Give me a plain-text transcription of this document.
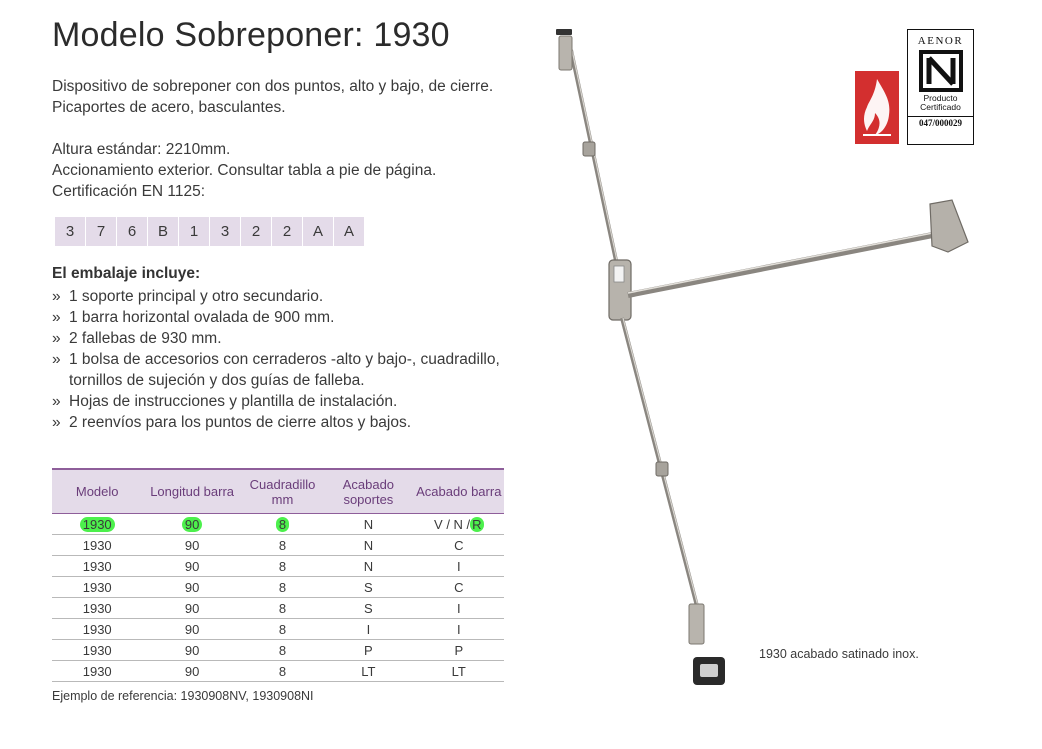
Modelo Sobreponer: 1930
Dispositivo de sobreponer con dos puntos, alto y bajo, de cierre.
Picaportes de acero, basculantes.
Altura estándar: 2210mm.
Accionamiento exterior. Consultar tabla a pie de página.
Certificación EN 1125:
3	7	6	B	1	3	2	2	A	A
El embalaje incluye:
» 1 soporte principal y otro secundario.
» 1 barra horizontal ovalada de 900 mm.
» 2 fallebas de 930 mm.
» 1 bolsa de accesorios con cerraderos -alto y bajo-, cuadradillo,
tornillos de sujeción y dos guías de falleba.
» Hojas de instrucciones y plantilla de instalación.
» 2 reenvíos para los puntos de cierre altos y bajos.
Modelo	Longitud barra	Cuadradillo mm	Acabado soportes	Acabado barra
1930	90	8	N	V / N / R
1930	90	8	N	C
1930	90	8	N	I
1930	90	8	S	C
1930	90	8	S	I
1930	90	8	I	I
1930	90	8	P	P
1930	90	8	LT	LT
Ejemplo de referencia: 1930908NV, 1930908NI
1930 acabado satinado inox.
AENOR
Producto
Certificado
047/000029
